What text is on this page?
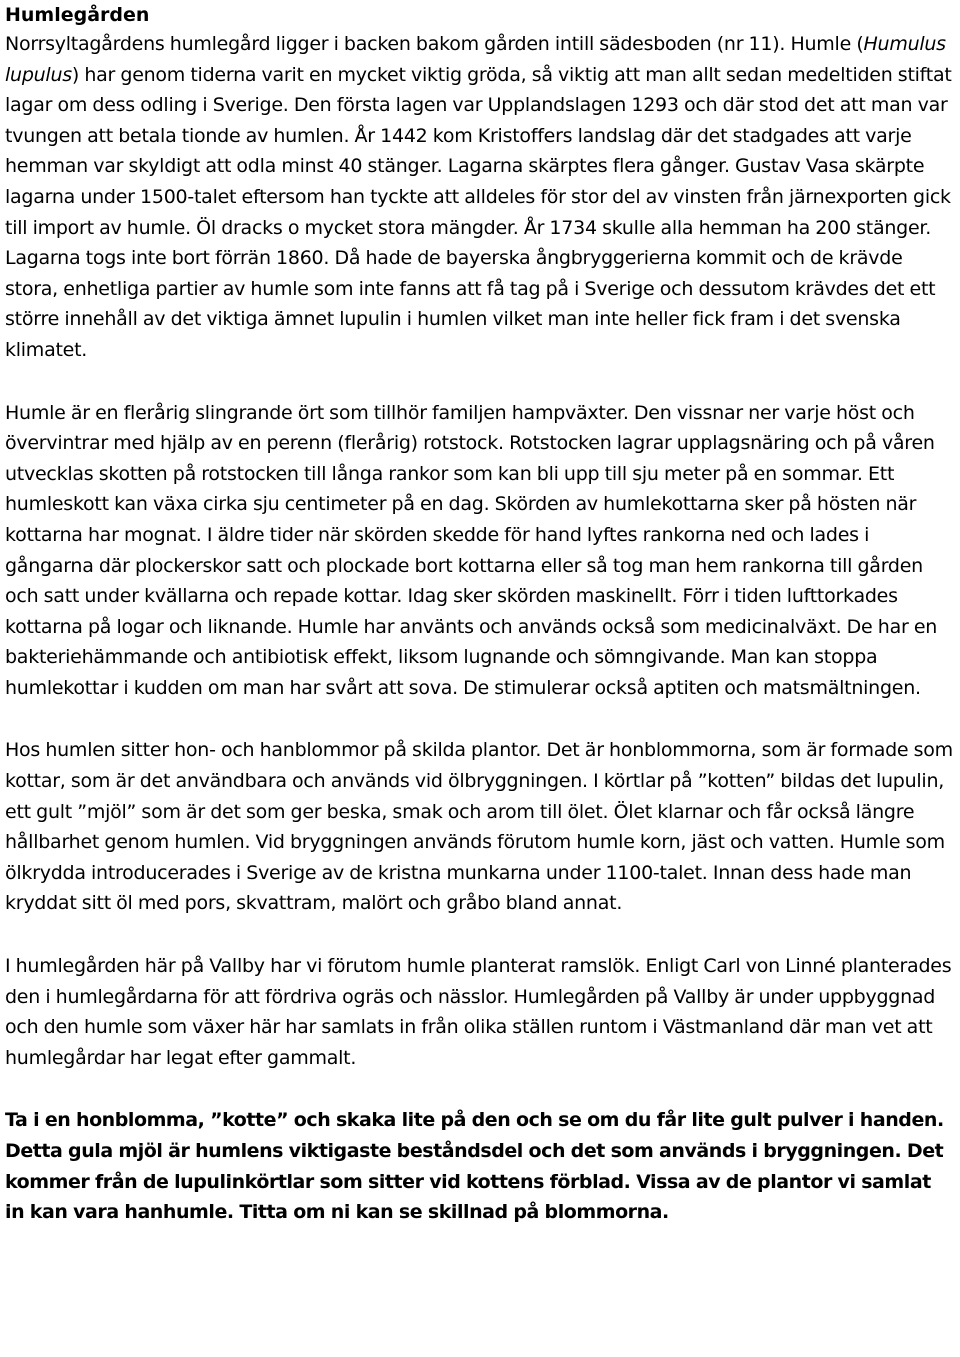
Humlegården

Norrsyltagårdens humlegård ligger i backen bakom gården intill sädesboden (nr 11). Humle (Humulus lupulus) har genom tiderna varit en mycket viktig gröda, så viktig att man allt sedan medeltiden stiftat lagar om dess odling i Sverige. Den första lagen var Upplandslagen 1293 och där stod det att man var tvungen att betala tionde av humlen. År 1442 kom Kristoffers landslag där det stadgades att varje hemman var skyldigt att odla minst 40 stänger. Lagarna skärptes flera gånger. Gustav Vasa skärpte lagarna under 1500-talet eftersom han tyckte att alldeles för stor del av vinsten från järnexporten gick till import av humle. Öl dracks o mycket stora mängder. År 1734 skulle alla hemman ha 200 stänger. Lagarna togs inte bort förrän 1860. Då hade de bayerska ångbryggerierna kommit och de krävde stora, enhetliga partier av humle som inte fanns att få tag på i Sverige och dessutom krävdes det ett större innehåll av det viktiga ämnet lupulin i humlen vilket man inte heller fick fram i det svenska klimatet.

Humle är en flerårig slingrande ört som tillhör familjen hampväxter. Den vissnar ner varje höst och övervintrar med hjälp av en perenn (flerårig) rotstock. Rotstocken lagrar upplagsnäring och på våren utvecklas skotten på rotstocken till långa rankor som kan bli upp till sju meter på en sommar. Ett humleskott kan växa cirka sju centimeter på en dag. Skörden av humlekottarna sker på hösten när kottarna har mognat. I äldre tider när skörden skedde för hand lyftes rankorna ned och lades i gångarna där plockerskor satt och plockade bort kottarna eller så tog man hem rankorna till gården och satt under kvällarna och repade kottar. Idag sker skörden maskinellt. Förr i tiden lufttorkades kottarna på logar och liknande. Humle har använts och används också som medicinalväxt. De har en bakteriehämmande och antibiotisk effekt, liksom lugnande och sömngivande. Man kan stoppa humlekottar i kudden om man har svårt att sova. De stimulerar också aptiten och matsmältningen.

Hos humlen sitter hon- och hanblommor på skilda plantor. Det är honblommorna, som är formade som kottar, som är det användbara och används vid ölbryggningen. I körtlar på ”kotten” bildas det lupulin, ett gult ”mjöl” som är det som ger beska, smak och arom till ölet. Ölet klarnar och får också längre hållbarhet genom humlen. Vid bryggningen används förutom humle korn, jäst och vatten. Humle som ölkrydda introducerades i Sverige av de kristna munkarna under 1100-talet. Innan dess hade man kryddat sitt öl med pors, skvattram, malört och gråbo bland annat.

I humlegården här på Vallby har vi förutom humle planterat ramslök. Enligt Carl von Linné planterades den i humlegårdarna för att fördriva ogräs och nässlor. Humlegården på Vallby är under uppbyggnad och den humle som växer här har samlats in från olika ställen runtom i Västmanland där man vet att humlegårdar har legat efter gammalt.

Ta i en honblomma, ”kotte” och skaka lite på den och se om du får lite gult pulver i handen. Detta gula mjöl är humlens viktigaste beståndsdel och det som används i bryggningen. Det kommer från de lupulinkörtlar som sitter vid kottens förblad. Vissa av de plantor vi samlat in kan vara hanhumle. Titta om ni kan se skillnad på blommorna.
